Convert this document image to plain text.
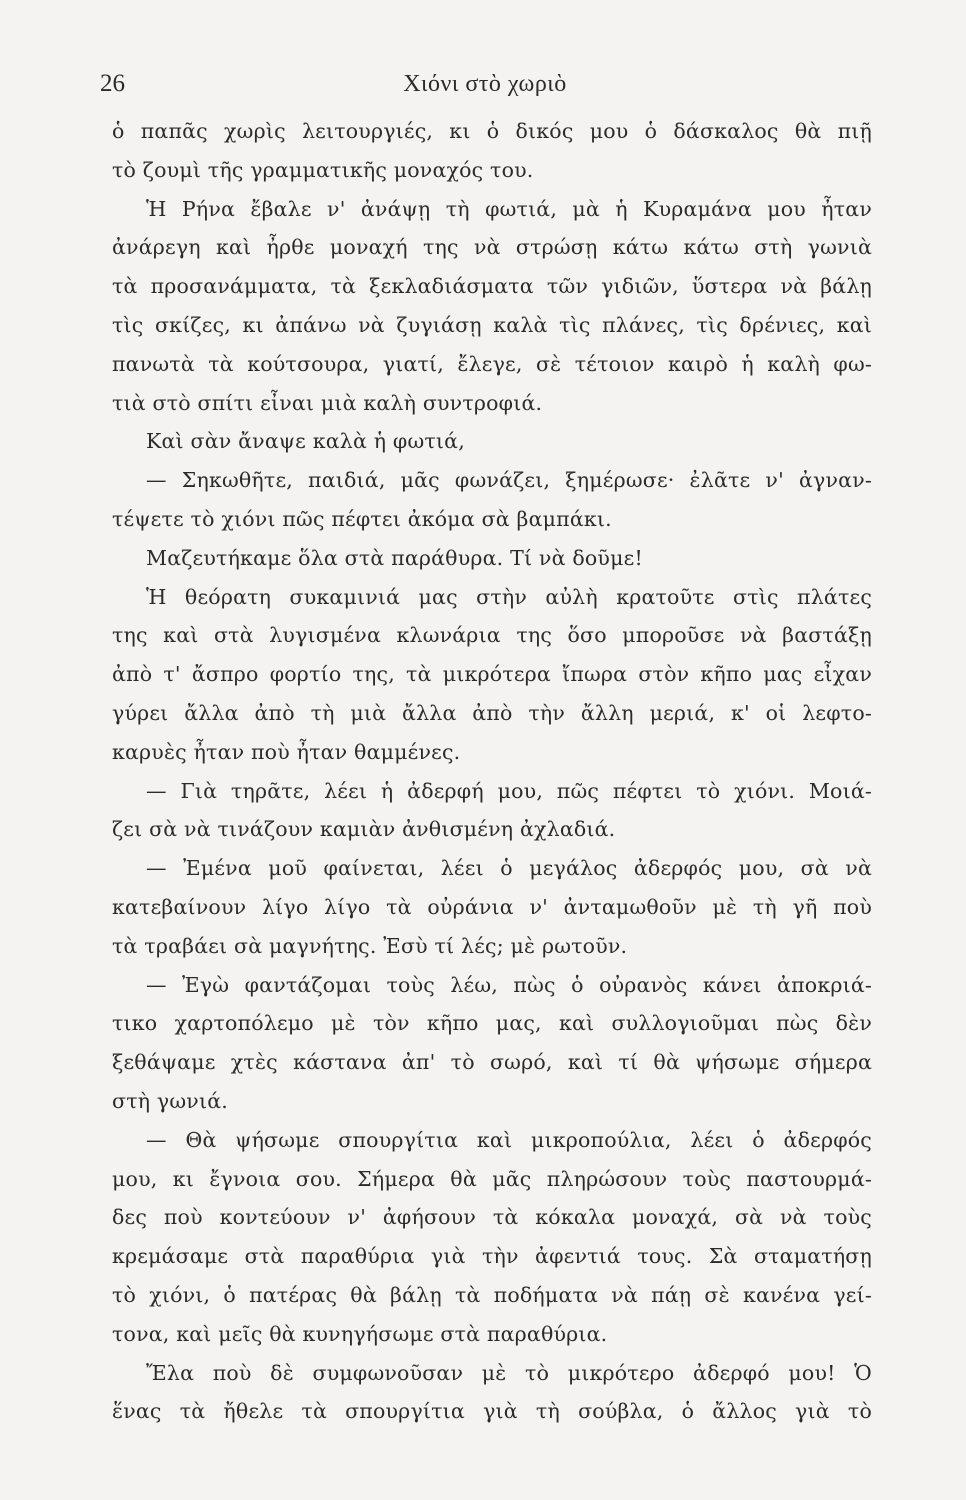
26	Χιόνι στὸ χωριὸ
ὁ παπᾶς χωρὶς λειτουργιές, κι ὁ δικός μου ὁ δάσκαλος θὰ πιῇ
τὸ ζουμὶ τῆς γραμματικῆς μοναχός του.
Ἡ Ρήνα ἔβαλε ν' ἀνάψῃ τὴ φωτιά, μὰ ἡ Κυραμάνα μου ἦταν
ἀνάρεγη καὶ ἦρθε μοναχή της νὰ στρώσῃ κάτω κάτω στὴ γωνιὰ
τὰ προσανάμματα, τὰ ξεκλαδιάσματα τῶν γιδιῶν, ὕστερα νὰ βάλῃ
τὶς σκίζες, κι ἀπάνω νὰ ζυγιάσῃ καλὰ τὶς πλάνες, τὶς δρένιες, καὶ
πανωτὰ τὰ κούτσουρα, γιατί, ἔλεγε, σὲ τέτοιον καιρὸ ἡ καλὴ φω-
τιὰ στὸ σπίτι εἶναι μιὰ καλὴ συντροφιά.
Καὶ σὰν ἄναψε καλὰ ἡ φωτιά,
— Σηκωθῆτε, παιδιά, μᾶς φωνάζει, ξημέρωσε· ἐλᾶτε ν' ἀγναν-
τέψετε τὸ χιόνι πῶς πέφτει ἀκόμα σὰ βαμπάκι.
Μαζευτήκαμε ὅλα στὰ παράθυρα. Τί νὰ δοῦμε!
Ἡ θεόρατη συκαμινιά μας στὴν αὐλὴ κρατοῦτε στὶς πλάτες
της καὶ στὰ λυγισμένα κλωνάρια της ὅσο μποροῦσε νὰ βαστάξῃ
ἀπὸ τ' ἄσπρο φορτίο της, τὰ μικρότερα ἴπωρα στὸν κῆπο μας εἶχαν
γύρει ἄλλα ἀπὸ τὴ μιὰ ἄλλα ἀπὸ τὴν ἄλλη μεριά, κ' οἱ λεφτο-
καρυὲς ἦταν ποὺ ἦταν θαμμένες.
— Γιὰ τηρᾶτε, λέει ἡ ἀδερφή μου, πῶς πέφτει τὸ χιόνι. Μοιά-
ζει σὰ νὰ τινάζουν καμιὰν ἀνθισμένη ἀχλαδιά.
— Ἐμένα μοῦ φαίνεται, λέει ὁ μεγάλος ἀδερφός μου, σὰ νὰ
κατεβαίνουν λίγο λίγο τὰ οὐράνια ν' ἀνταμωθοῦν μὲ τὴ γῆ ποὺ
τὰ τραβάει σὰ μαγνήτης. Ἐσὺ τί λές; μὲ ρωτοῦν.
— Ἐγὼ φαντάζομαι τοὺς λέω, πὼς ὁ οὐρανὸς κάνει ἀποκριά-
τικο χαρτοπόλεμο μὲ τὸν κῆπο μας, καὶ συλλογιοῦμαι πὼς δὲν
ξεθάψαμε χτὲς κάστανα ἀπ' τὸ σωρό, καὶ τί θὰ ψήσωμε σήμερα
στὴ γωνιά.
— Θὰ ψήσωμε σπουργίτια καὶ μικροπούλια, λέει ὁ ἀδερφός
μου, κι ἔγνοια σου. Σήμερα θὰ μᾶς πληρώσουν τοὺς παστουρμά-
δες ποὺ κοντεύουν ν' ἀφήσουν τὰ κόκαλα μοναχά, σὰ νὰ τοὺς
κρεμάσαμε στὰ παραθύρια γιὰ τὴν ἀφεντιά τους. Σὰ σταματήσῃ
τὸ χιόνι, ὁ πατέρας θὰ βάλῃ τὰ ποδήματα νὰ πάῃ σὲ κανένα γεί-
τονα, καὶ μεῖς θὰ κυνηγήσωμε στὰ παραθύρια.
Ἔλα ποὺ δὲ συμφωνοῦσαν μὲ τὸ μικρότερο ἀδερφό μου! Ὁ
ἕνας τὰ ἤθελε τὰ σπουργίτια γιὰ τὴ σούβλα, ὁ ἄλλος γιὰ τὸ
